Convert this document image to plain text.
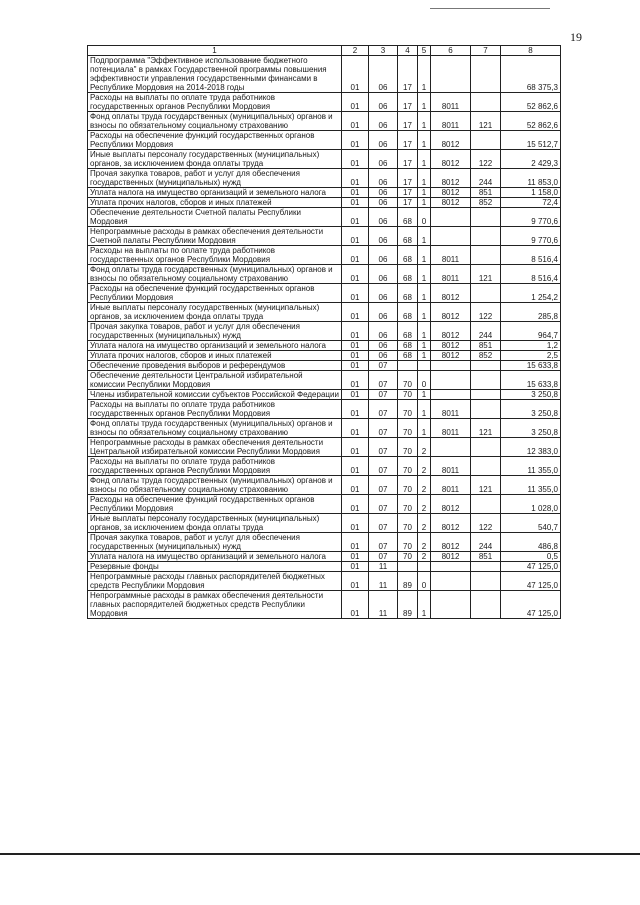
19
1	2	3	4	5	6	7	8
Подпрограмма "Эффективное использование бюджетного потенциала" в рамках Государственной программы повышения эффективности управления государственными финансами в Республике Мордовия на 2014-2018 годы	01	06	17	1			68 375,3
Расходы на выплаты по оплате труда работников государственных органов Республики Мордовия	01	06	17	1	8011		52 862,6
Фонд оплаты труда государственных (муниципальных) органов и взносы по обязательному социальному страхованию	01	06	17	1	8011	121	52 862,6
Расходы на обеспечение функций государственных органов Республики Мордовия	01	06	17	1	8012		15 512,7
Иные выплаты персоналу государственных (муниципальных) органов, за исключением фонда оплаты труда	01	06	17	1	8012	122	2 429,3
Прочая закупка товаров, работ и услуг для обеспечения государственных (муниципальных) нужд	01	06	17	1	8012	244	11 853,0
Уплата налога на имущество организаций и земельного налога	01	06	17	1	8012	851	1 158,0
Уплата прочих налогов, сборов и иных платежей	01	06	17	1	8012	852	72,4
Обеспечение деятельности Счетной палаты Республики Мордовия	01	06	68	0			9 770,6
Непрограммные расходы в рамках обеспечения деятельности Счетной палаты Республики Мордовия	01	06	68	1			9 770,6
Расходы на выплаты по оплате труда работников государственных органов Республики Мордовия	01	06	68	1	8011		8 516,4
Фонд оплаты труда государственных (муниципальных) органов и взносы по обязательному социальному страхованию	01	06	68	1	8011	121	8 516,4
Расходы на обеспечение функций государственных органов Республики Мордовия	01	06	68	1	8012		1 254,2
Иные выплаты персоналу государственных (муниципальных) органов, за исключением фонда оплаты труда	01	06	68	1	8012	122	285,8
Прочая закупка товаров, работ и услуг для обеспечения государственных (муниципальных) нужд	01	06	68	1	8012	244	964,7
Уплата налога на имущество организаций и земельного налога	01	06	68	1	8012	851	1,2
Уплата прочих налогов, сборов и иных платежей	01	06	68	1	8012	852	2,5
Обеспечение проведения выборов и референдумов	01	07					15 633,8
Обеспечение деятельности Центральной избирательной комиссии Республики Мордовия	01	07	70	0			15 633,8
Члены избирательной комиссии субъектов Российской Федерации	01	07	70	1			3 250,8
Расходы на выплаты по оплате труда работников государственных органов Республики Мордовия	01	07	70	1	8011		3 250,8
Фонд оплаты труда государственных (муниципальных) органов и взносы по обязательному социальному страхованию	01	07	70	1	8011	121	3 250,8
Непрограммные расходы в рамках обеспечения деятельности Центральной избирательной комиссии Республики Мордовия	01	07	70	2			12 383,0
Расходы на выплаты по оплате труда работников государственных органов Республики Мордовия	01	07	70	2	8011		11 355,0
Фонд оплаты труда государственных (муниципальных) органов и взносы по обязательному социальному страхованию	01	07	70	2	8011	121	11 355,0
Расходы на обеспечение функций государственных органов Республики Мордовия	01	07	70	2	8012		1 028,0
Иные выплаты персоналу государственных (муниципальных) органов, за исключением фонда оплаты труда	01	07	70	2	8012	122	540,7
Прочая закупка товаров, работ и услуг для обеспечения государственных (муниципальных) нужд	01	07	70	2	8012	244	486,8
Уплата налога на имущество организаций и земельного налога	01	07	70	2	8012	851	0,5
Резервные фонды	01	11					47 125,0
Непрограммные расходы главных распорядителей бюджетных средств Республики Мордовия	01	11	89	0			47 125,0
Непрограммные расходы в рамках обеспечения деятельности главных распорядителей бюджетных средств Республики Мордовия	01	11	89	1			47 125,0
